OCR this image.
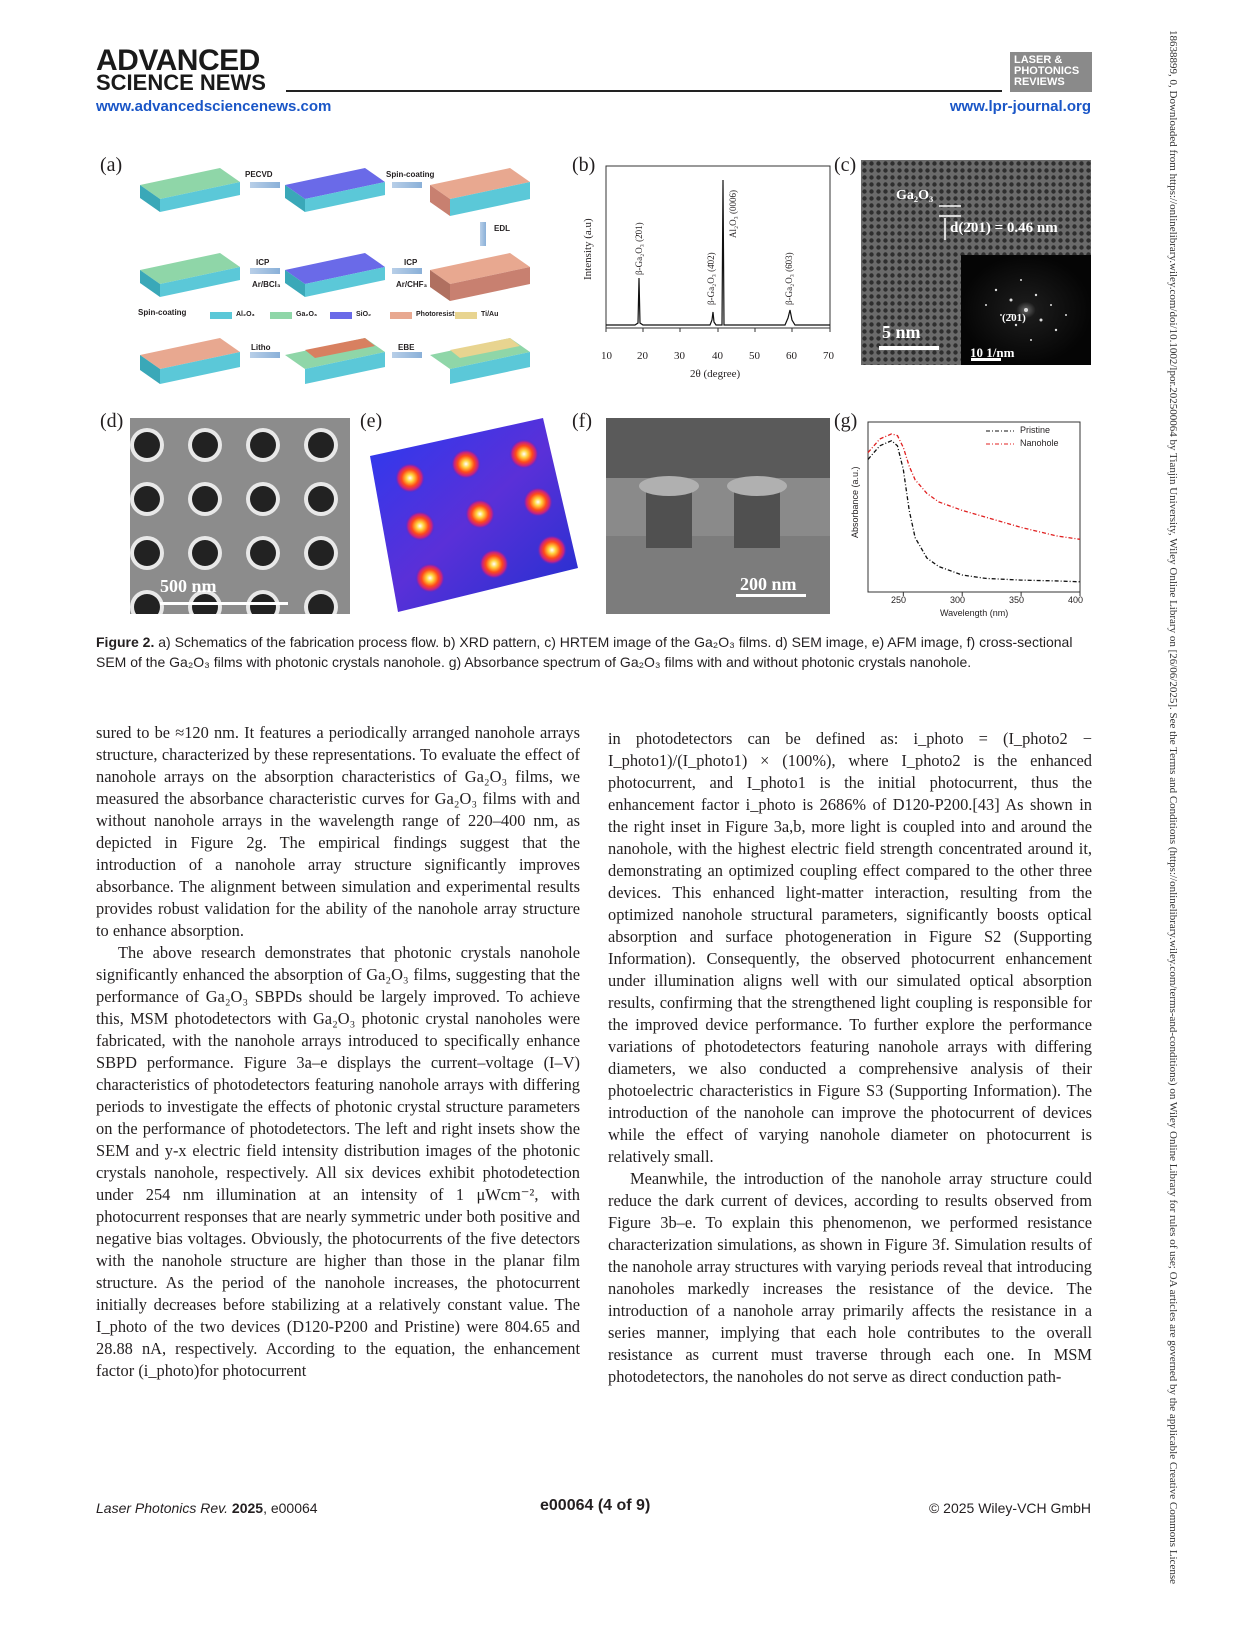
ADVANCED
SCIENCE NEWS
LASER & PHOTONICS REVIEWS
www.advancedsciencenews.com	www.lpr-journal.org	18638899, 0, Downloaded from https://onlinelibrary.wiley.com/doi/10.1002/lpor.202500064 by Tianjin University, Wiley Online Library on [26/06/2025]. See the Terms and Conditions (https://onlinelibrary.wiley.com/terms-and-conditions) on Wiley Online Library for rules of use; OA articles are governed by the applicable Creative Commons License
(a)	(b)	(c)
(d)	(e)	(f)	(g)
PECVD	Spin-coating
EDL
ICP
Ar/BCl₃
ICP
Ar/CHF₃
Spin-coating
Litho	EBE
Al₂O₃	Ga₂O₃	SiO₂	Photoresist	Ti/Au
10 20 30 40 50 60 70
2θ (degree)
Intensity (a.u)	β-Ga₂O₃ (2̄01)
β-Ga₂O₃ (4̄02)
Al₂O₃ (0006)
β-Ga₂O₃ (6̄03)
Ga₂O₃
d(2̄01) = 0.46 nm
5 nm
(2̄01)
10 1/nm
500 nm	200 nm
Pristine
Nanohole
250	300	350	400
Wavelength (nm)
Absorbance (a.u.)
Figure 2. a) Schematics of the fabrication process flow. b) XRD pattern, c) HRTEM image of the Ga₂O₃ films. d) SEM image, e) AFM image, f) cross-sectional SEM of the Ga₂O₃ films with photonic crystals nanohole. g) Absorbance spectrum of Ga₂O₃ films with and without photonic crystals nanohole.

sured to be ≈120 nm. It features a periodically arranged nanohole arrays structure, characterized by these representations. To evaluate the effect of nanohole arrays on the absorption characteristics of Ga₂O₃ films, we measured the absorbance characteristic curves for Ga₂O₃ films with and without nanohole arrays in the wavelength range of 220–400 nm, as depicted in Figure 2g. The empirical findings suggest that the introduction of a nanohole array structure significantly improves absorbance. The alignment between simulation and experimental results provides robust validation for the ability of the nanohole array structure to enhance absorption.

The above research demonstrates that photonic crystals nanohole significantly enhanced the absorption of Ga₂O₃ films, suggesting that the performance of Ga₂O₃ SBPDs should be largely improved. To achieve this, MSM photodetectors with Ga₂O₃ photonic crystal nanoholes were fabricated, with the nanohole arrays introduced to specifically enhance SBPD performance. Figure 3a–e displays the current–voltage (I–V) characteristics of photodetectors featuring nanohole arrays with differing periods to investigate the effects of photonic crystal structure parameters on the performance of photodetectors. The left and right insets show the SEM and y-x electric field intensity distribution images of the photonic crystals nanohole, respectively. All six devices exhibit photodetection under 254 nm illumination at an intensity of 1 μWcm⁻², with photocurrent responses that are nearly symmetric under both positive and negative bias voltages. Obviously, the photocurrents of the five detectors with the nanohole structure are higher than those in the planar film structure. As the period of the nanohole increases, the photocurrent initially decreases before stabilizing at a relatively constant value. The I_photo of the two devices (D120-P200 and Pristine) were 804.65 and 28.88 nA, respectively. According to the equation, the enhancement factor (i_photo)for photocurrent

in photodetectors can be defined as: i_photo = (I_photo2 − I_photo1)/(I_photo1) × (100%), where I_photo2 is the enhanced photocurrent, and I_photo1 is the initial photocurrent, thus the enhancement factor i_photo is 2686% of D120-P200.[43] As shown in the right inset in Figure 3a,b, more light is coupled into and around the nanohole, with the highest electric field strength concentrated around it, demonstrating an optimized coupling effect compared to the other three devices. This enhanced light-matter interaction, resulting from the optimized nanohole structural parameters, significantly boosts optical absorption and surface photogeneration in Figure S2 (Supporting Information). Consequently, the observed photocurrent enhancement under illumination aligns well with our simulated optical absorption results, confirming that the strengthened light coupling is responsible for the improved device performance. To further explore the performance variations of photodetectors featuring nanohole arrays with differing diameters, we also conducted a comprehensive analysis of their photoelectric characteristics in Figure S3 (Supporting Information). The introduction of the nanohole can improve the photocurrent of devices while the effect of varying nanohole diameter on photocurrent is relatively small.

Meanwhile, the introduction of the nanohole array structure could reduce the dark current of devices, according to results observed from Figure 3b–e. To explain this phenomenon, we performed resistance characterization simulations, as shown in Figure 3f. Simulation results of the nanohole array structures with varying periods reveal that introducing nanoholes markedly increases the resistance of the device. The introduction of a nanohole array primarily affects the resistance in a series manner, implying that each hole contributes to the overall resistance as current must traverse through each one. In MSM photodetectors, the nanoholes do not serve as direct conduction path-

Laser Photonics Rev. 2025, e00064	e00064 (4 of 9)	© 2025 Wiley-VCH GmbH
